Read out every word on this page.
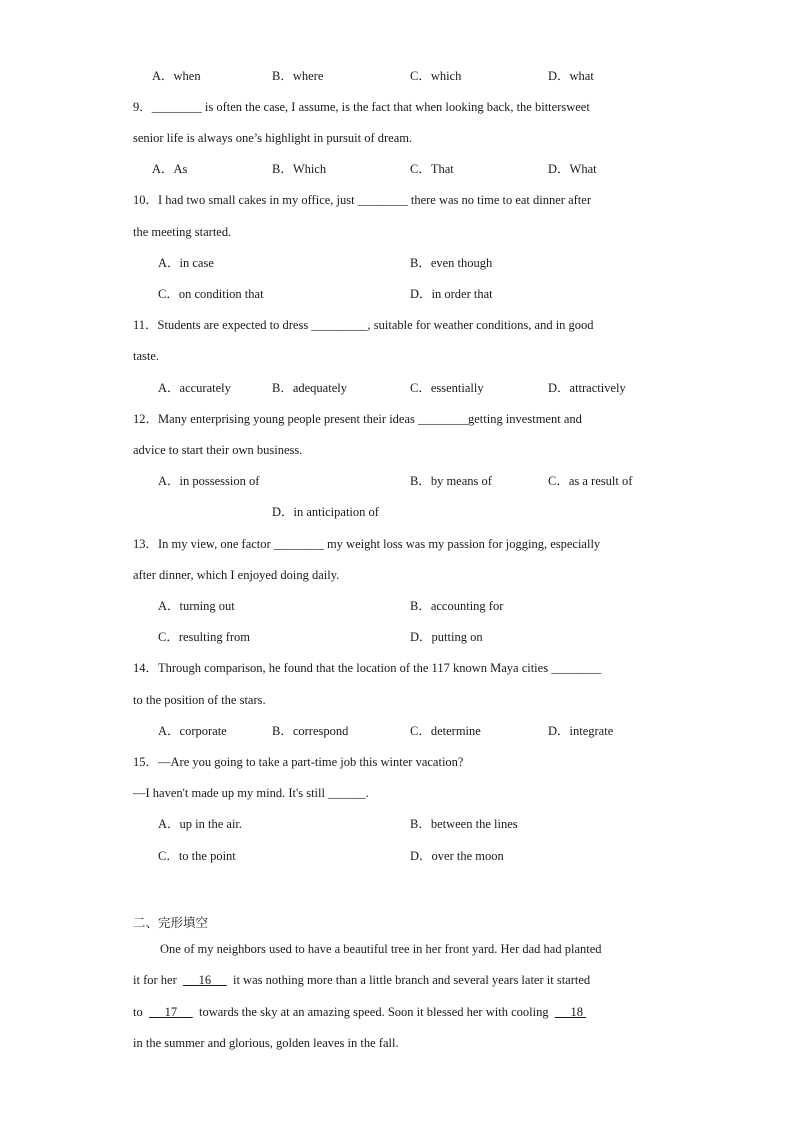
A．when	B．where	C．which	D．what
9．________ is often the case, I assume, is the fact that when looking back, the bittersweet
senior life is always one’s highlight in pursuit of dream.
A．As	B．Which	C．That	D．What
10．I had two small cakes in my office, just ________ there was no time to eat dinner after
the meeting started.
A．in case	B．even though
C．on condition that	D．in order that
11．Students are expected to dress _________, suitable for weather conditions, and in good
taste.
A．accurately	B．adequately	C．essentially	D．attractively
12．Many enterprising young people present their ideas ________getting investment and
advice to start their own business.
A．in possession of	B．by means of	C．as a result of
D．in anticipation of
13．In my view, one factor ________ my weight loss was my passion for jogging, especially
after dinner, which I enjoyed doing daily.
A．turning out	B．accounting for
C．resulting from	D．putting on
14．Through comparison, he found that the location of the 117 known Maya cities ________
to the position of the stars.
A．corporate	B．correspond	C．determine	D．integrate
15．—Are you going to take a part-time job this winter vacation?
—I haven't made up my mind. It's still ______.
A．up in the air.	B．between the lines
C．to the point	D．over the moon
二、完形填空
One of my neighbors used to have a beautiful tree in her front yard. Her dad had planted
it for her 16 it was nothing more than a little branch and several years later it started
to 17 towards the sky at an amazing speed. Soon it blessed her with cooling 18
in the summer and glorious, golden leaves in the fall.
